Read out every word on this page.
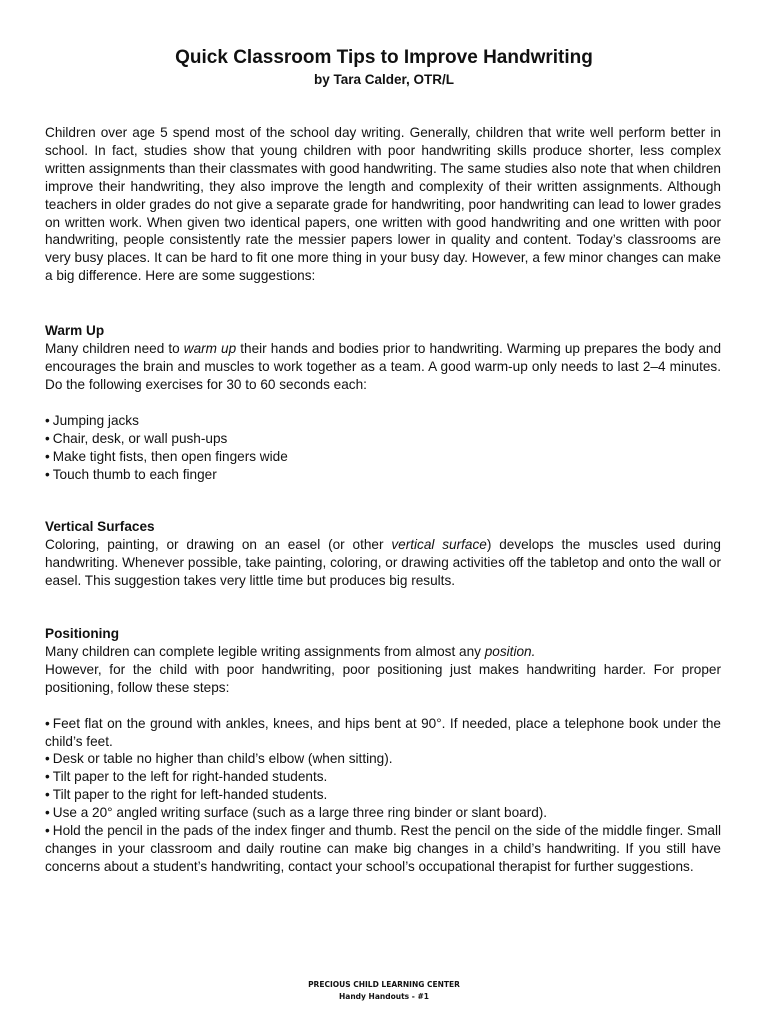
Quick Classroom Tips to Improve Handwriting
by Tara Calder, OTR/L

Children over age 5 spend most of the school day writing. Generally, children that write well perform better in school. In fact, studies show that young children with poor handwriting skills produce shorter, less complex written assignments than their classmates with good handwriting. The same studies also note that when children improve their handwriting, they also improve the length and complexity of their written assignments. Although teachers in older grades do not give a separate grade for handwriting, poor handwriting can lead to lower grades on written work. When given two identical papers, one written with good handwriting and one written with poor handwriting, people consistently rate the messier papers lower in quality and content. Today’s classrooms are very busy places. It can be hard to fit one more thing in your busy day. However, a few minor changes can make a big difference. Here are some suggestions:

Warm Up

Many children need to warm up their hands and bodies prior to handwriting. Warming up prepares the body and encourages the brain and muscles to work together as a team. A good warm-up only needs to last 2–4 minutes. Do the following exercises for 30 to 60 seconds each:

• Jumping jacks
• Chair, desk, or wall push-ups
• Make tight fists, then open fingers wide
• Touch thumb to each finger

Vertical Surfaces

Coloring, painting, or drawing on an easel (or other vertical surface) develops the muscles used during handwriting. Whenever possible, take painting, coloring, or drawing activities off the tabletop and onto the wall or easel. This suggestion takes very little time but produces big results.

Positioning

Many children can complete legible writing assignments from almost any position.

However, for the child with poor handwriting, poor positioning just makes handwriting harder. For proper positioning, follow these steps:

• Feet flat on the ground with ankles, knees, and hips bent at 90°. If needed, place a telephone book under the child’s feet.
• Desk or table no higher than child’s elbow (when sitting).
• Tilt paper to the left for right-handed students.
• Tilt paper to the right for left-handed students.
• Use a 20° angled writing surface (such as a large three ring binder or slant board).
• Hold the pencil in the pads of the index finger and thumb. Rest the pencil on the side of the middle finger. Small changes in your classroom and daily routine can make big changes in a child’s handwriting. If you still have concerns about a student’s handwriting, contact your school’s occupational therapist for further suggestions.
PRECIOUS CHILD LEARNING CENTER
Handy Handouts - #1
